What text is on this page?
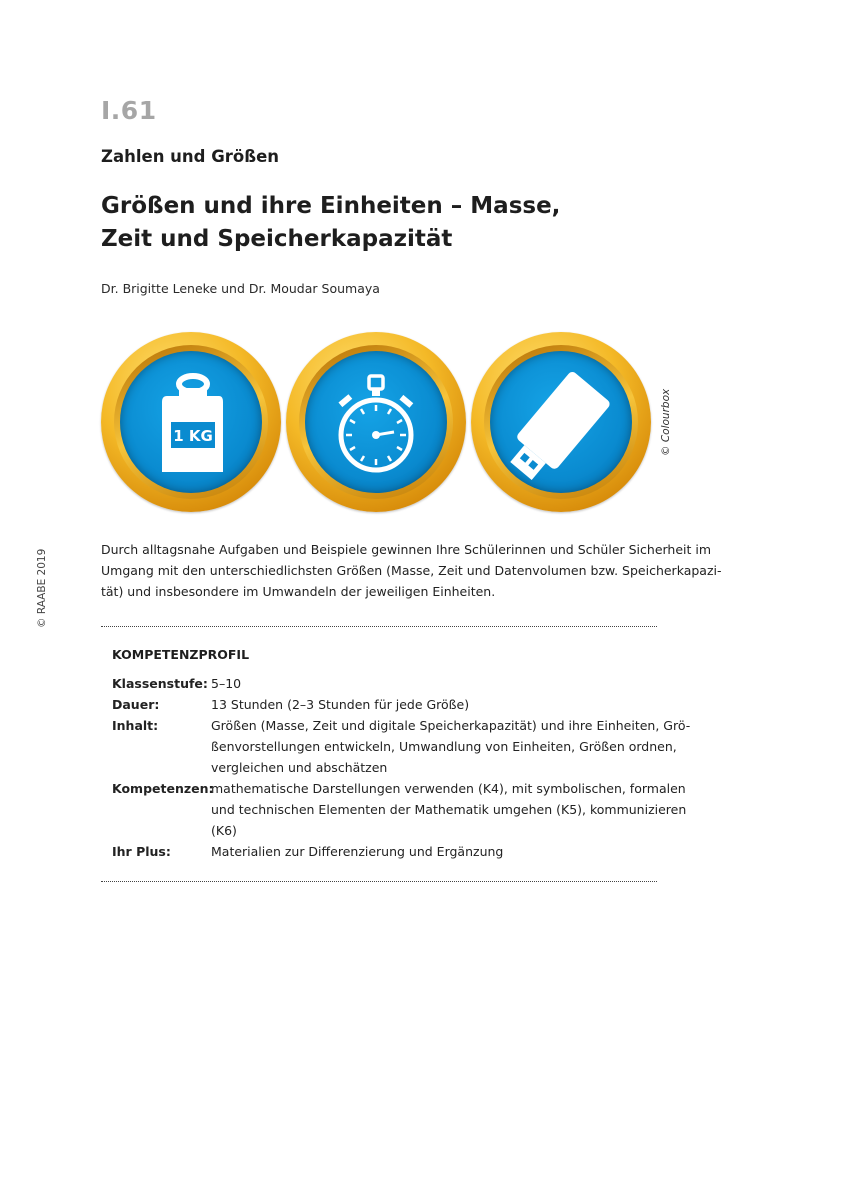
I.61
Zahlen und Größen
Größen und ihre Einheiten – Masse,
Zeit und Speicherkapazität
Dr. Brigitte Leneke und Dr. Moudar Soumaya
1 KG	© Colourbox
© RAABE 2019	Durch alltagsnahe Aufgaben und Beispiele gewinnen Ihre Schülerinnen und Schüler Sicherheit im
Umgang mit den unterschiedlichsten Größen (Masse, Zeit und Datenvolumen bzw. Speicherkapazi-
tät) und insbesondere im Umwandeln der jeweiligen Einheiten.
KOMPETENZPROFIL
Klassenstufe: 5–10
Dauer:	13 Stunden (2–3 Stunden für jede Größe)
Inhalt:	Größen (Masse, Zeit und digitale Speicherkapazität) und ihre Einheiten, Grö-
ßenvorstellungen entwickeln, Umwandlung von Einheiten, Größen ordnen,
vergleichen und abschätzen
Kompetenzen:
mathematische Darstellungen verwenden (K4), mit symbolischen, formalen
und technischen Elementen der Mathematik umgehen (K5), kommunizieren
(K6)
Ihr Plus:	Materialien zur Differenzierung und Ergänzung
